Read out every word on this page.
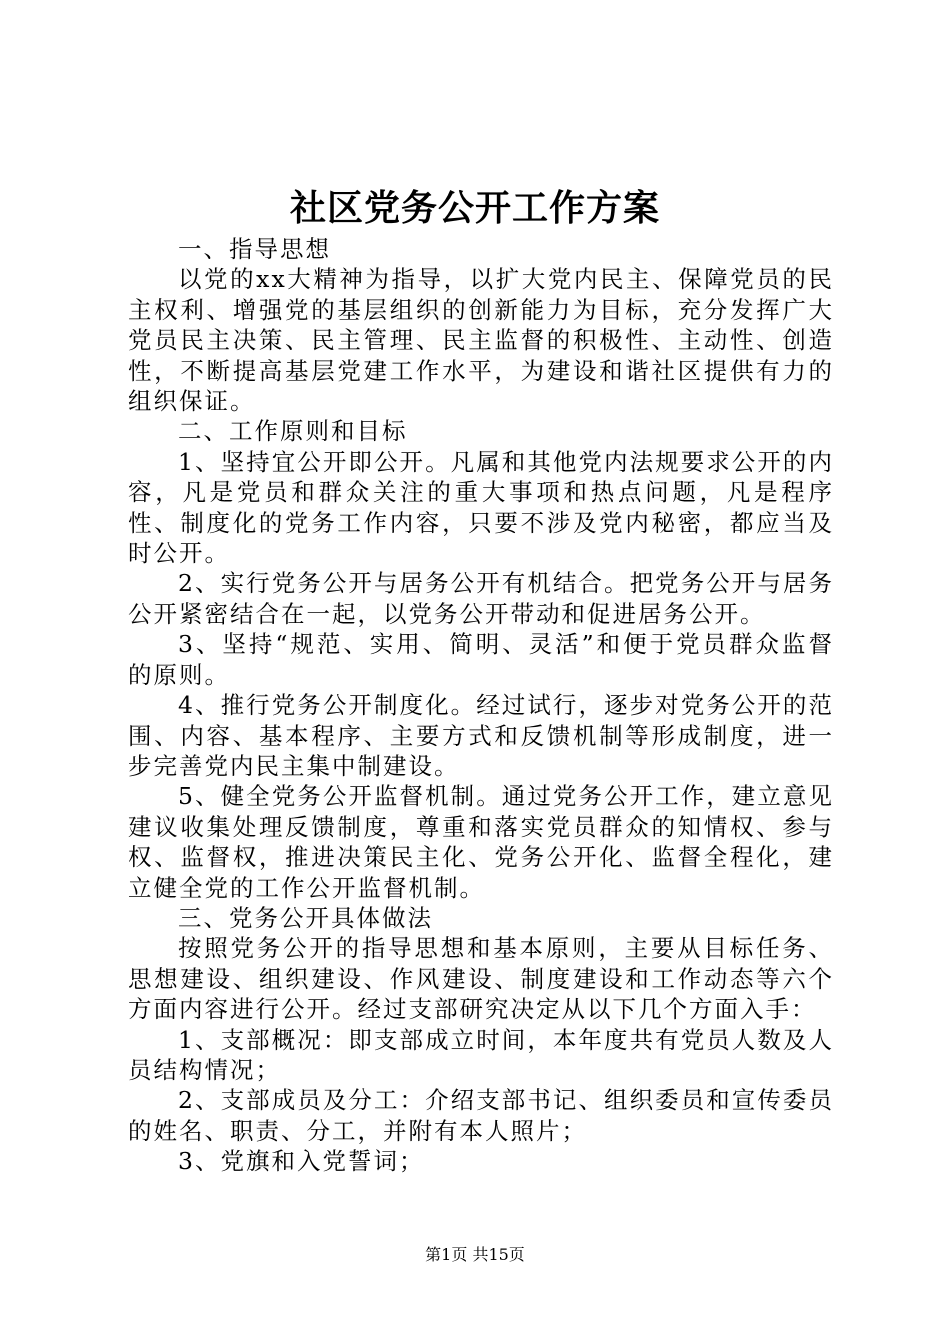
社区党务公开工作方案

一、指导思想

以党的xx大精神为指导，以扩大党内民主、保障党员的民主权利、增强党的基层组织的创新能力为目标，充分发挥广大党员民主决策、民主管理、民主监督的积极性、主动性、创造性，不断提高基层党建工作水平，为建设和谐社区提供有力的组织保证。

二、工作原则和目标

1、坚持宜公开即公开。凡属和其他党内法规要求公开的内容，凡是党员和群众关注的重大事项和热点问题，凡是程序性、制度化的党务工作内容，只要不涉及党内秘密，都应当及时公开。

2、实行党务公开与居务公开有机结合。把党务公开与居务公开紧密结合在一起，以党务公开带动和促进居务公开。

3、坚持“规范、实用、简明、灵活”和便于党员群众监督的原则。

4、推行党务公开制度化。经过试行，逐步对党务公开的范围、内容、基本程序、主要方式和反馈机制等形成制度，进一步完善党内民主集中制建设。

5、健全党务公开监督机制。通过党务公开工作，建立意见建议收集处理反馈制度，尊重和落实党员群众的知情权、参与权、监督权，推进决策民主化、党务公开化、监督全程化，建立健全党的工作公开监督机制。

三、党务公开具体做法

按照党务公开的指导思想和基本原则，主要从目标任务、思想建设、组织建设、作风建设、制度建设和工作动态等六个方面内容进行公开。经过支部研究决定从以下几个方面入手：

1、支部概况：即支部成立时间，本年度共有党员人数及人员结构情况；

2、支部成员及分工：介绍支部书记、组织委员和宣传委员的姓名、职责、分工，并附有本人照片；

3、党旗和入党誓词；

第1页 共15页
